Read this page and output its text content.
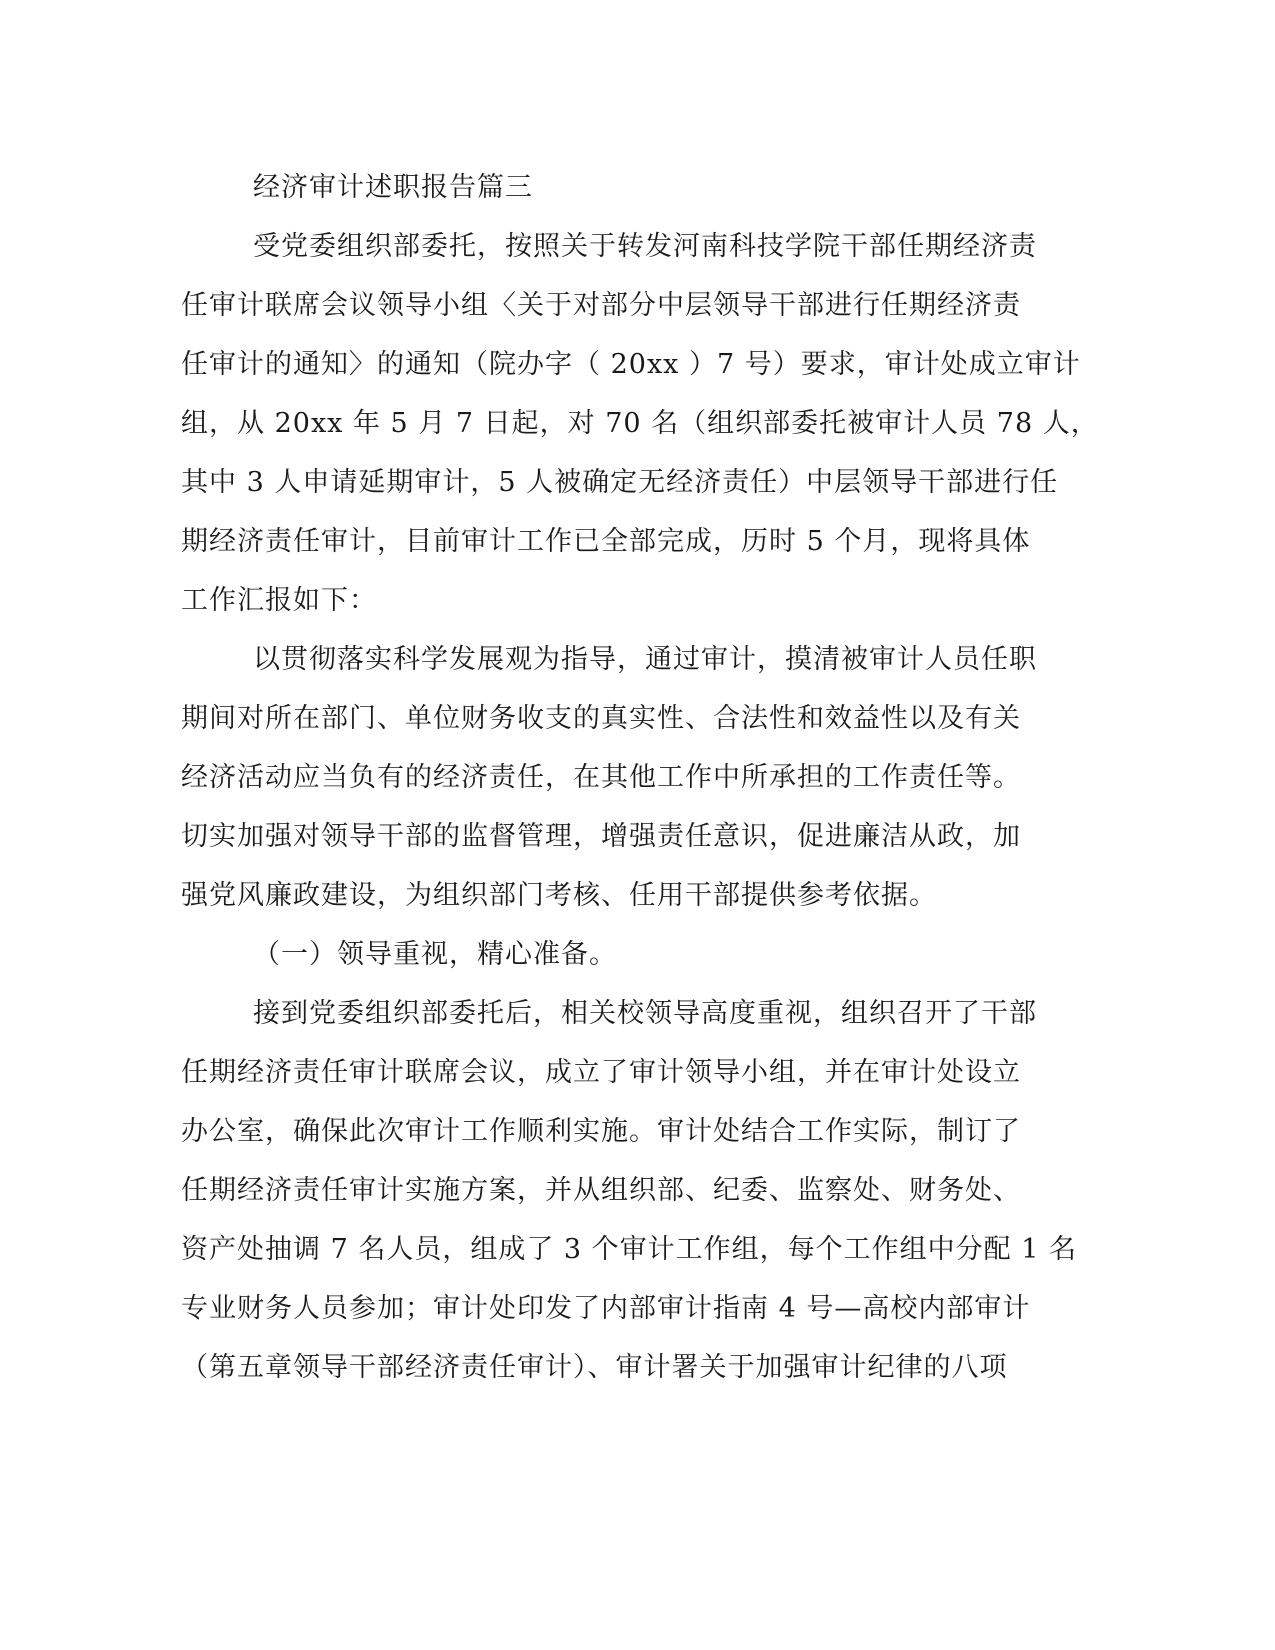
经济审计述职报告篇三
受党委组织部委托，按照关于转发河南科技学院干部任期经济责
任审计联席会议领导小组〈关于对部分中层领导干部进行任期经济责
任审计的通知〉的通知（院办字（ 20xx ）7 号）要求，审计处成立审计
组，从 20xx 年 5 月 7 日起，对 70 名（组织部委托被审计人员 78 人，
其中 3 人申请延期审计，5 人被确定无经济责任）中层领导干部进行任
期经济责任审计，目前审计工作已全部完成，历时 5 个月，现将具体
工作汇报如下：
以贯彻落实科学发展观为指导，通过审计，摸清被审计人员任职
期间对所在部门、单位财务收支的真实性、合法性和效益性以及有关
经济活动应当负有的经济责任，在其他工作中所承担的工作责任等。
切实加强对领导干部的监督管理，增强责任意识，促进廉洁从政，加
强党风廉政建设，为组织部门考核、任用干部提供参考依据。
（一）领导重视，精心准备。
接到党委组织部委托后，相关校领导高度重视，组织召开了干部
任期经济责任审计联席会议，成立了审计领导小组，并在审计处设立
办公室，确保此次审计工作顺利实施。审计处结合工作实际，制订了
任期经济责任审计实施方案，并从组织部、纪委、监察处、财务处、
资产处抽调 7 名人员，组成了 3 个审计工作组，每个工作组中分配 1 名
专业财务人员参加；审计处印发了内部审计指南 4 号—高校内部审计
（第五章领导干部经济责任审计）、审计署关于加强审计纪律的八项
